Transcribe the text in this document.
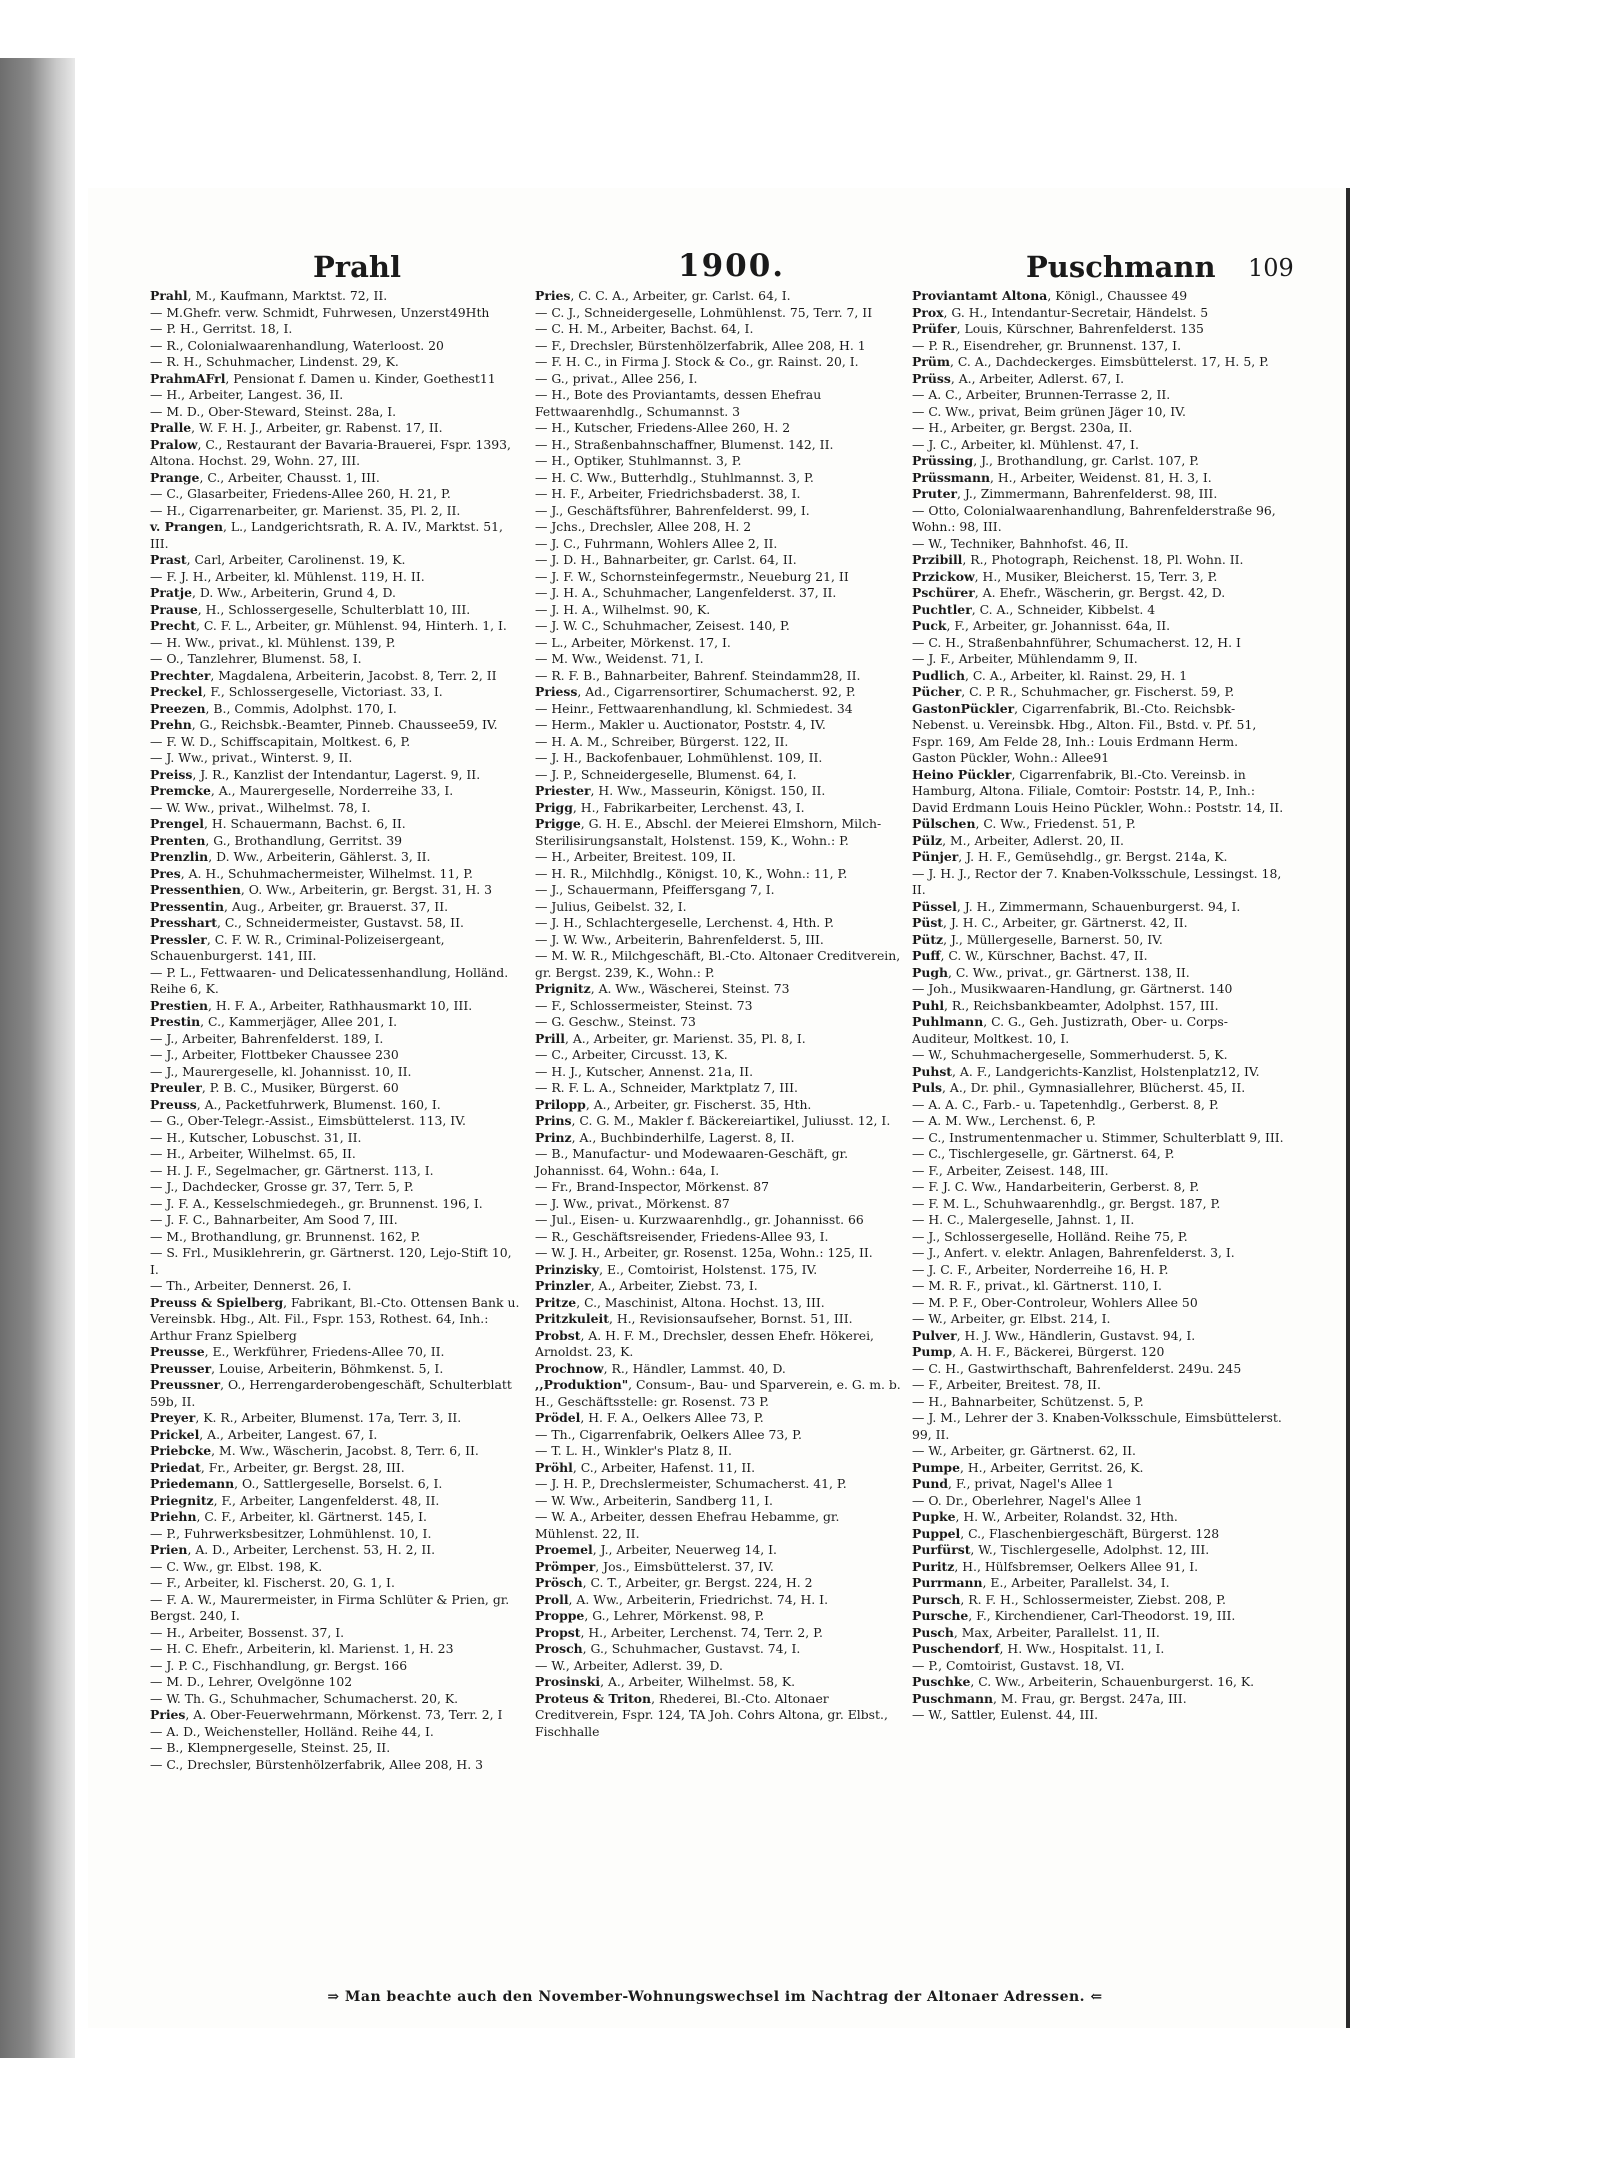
Prahl	1900.	Puschmann 109
Prahl, M., Kaufmann, Marktst. 72, II.
— M.Ghefr. verw. Schmidt, Fuhrwesen, Unzerst49Hth
— P. H., Gerritst. 18, I.
— R., Colonialwaarenhandlung, Waterloost. 20
— R. H., Schuhmacher, Lindenst. 29, K.
PrahmAFrl, Pensionat f. Damen u. Kinder, Goethest11
— H., Arbeiter, Langest. 36, II.
— M. D., Ober-Steward, Steinst. 28a, I.
Pralle, W. F. H. J., Arbeiter, gr. Rabenst. 17, II.
Pralow, C., Restaurant der Bavaria-Brauerei, Fspr. 1393, Altona. Hochst. 29, Wohn. 27, III.
Prange, C., Arbeiter, Chausst. 1, III.
— C., Glasarbeiter, Friedens-Allee 260, H. 21, P.
— H., Cigarrenarbeiter, gr. Marienst. 35, Pl. 2, II.
v. Prangen, L., Landgerichtsrath, R. A. IV., Marktst. 51, III.
Prast, Carl, Arbeiter, Carolinenst. 19, K.
— F. J. H., Arbeiter, kl. Mühlenst. 119, H. II.
Pratje, D. Ww., Arbeiterin, Grund 4, D.
Prause, H., Schlossergeselle, Schulterblatt 10, III.
Precht, C. F. L., Arbeiter, gr. Mühlenst. 94, Hinterh. 1, I.
— H. Ww., privat., kl. Mühlenst. 139, P.
— O., Tanzlehrer, Blumenst. 58, I.
Prechter, Magdalena, Arbeiterin, Jacobst. 8, Terr. 2, II
Preckel, F., Schlossergeselle, Victoriast. 33, I.
Preezen, B., Commis, Adolphst. 170, I.
Prehn, G., Reichsbk.-Beamter, Pinneb. Chaussee59, IV.
— F. W. D., Schiffscapitain, Moltkest. 6, P.
— J. Ww., privat., Winterst. 9, II.
Preiss, J. R., Kanzlist der Intendantur, Lagerst. 9, II.
Premcke, A., Maurergeselle, Norderreihe 33, I.
— W. Ww., privat., Wilhelmst. 78, I.
Prengel, H. Schauermann, Bachst. 6, II.
Prenten, G., Brothandlung, Gerritst. 39
Prenzlin, D. Ww., Arbeiterin, Gählerst. 3, II.
Pres, A. H., Schuhmachermeister, Wilhelmst. 11, P.
Pressenthien, O. Ww., Arbeiterin, gr. Bergst. 31, H. 3
Pressentin, Aug., Arbeiter, gr. Brauerst. 37, II.
Presshart, C., Schneidermeister, Gustavst. 58, II.
Pressler, C. F. W. R., Criminal-Polizeisergeant, Schauenburgerst. 141, III.
— P. L., Fettwaaren- und Delicatessenhandlung, Holländ. Reihe 6, K.
Prestien, H. F. A., Arbeiter, Rathhausmarkt 10, III.
Prestin, C., Kammerjäger, Allee 201, I.
— J., Arbeiter, Bahrenfelderst. 189, I.
— J., Arbeiter, Flottbeker Chaussee 230
— J., Maurergeselle, kl. Johannisst. 10, II.
Preuler, P. B. C., Musiker, Bürgerst. 60
Preuss, A., Packetfuhrwerk, Blumenst. 160, I.
— G., Ober-Telegr.-Assist., Eimsbüttelerst. 113, IV.
— H., Kutscher, Lobuschst. 31, II.
— H., Arbeiter, Wilhelmst. 65, II.
— H. J. F., Segelmacher, gr. Gärtnerst. 113, I.
— J., Dachdecker, Grosse gr. 37, Terr. 5, P.
— J. F. A., Kesselschmiedegeh., gr. Brunnenst. 196, I.
— J. F. C., Bahnarbeiter, Am Sood 7, III.
— M., Brothandlung, gr. Brunnenst. 162, P.
— S. Frl., Musiklehrerin, gr. Gärtnerst. 120, Lejo-Stift 10, I.
— Th., Arbeiter, Dennerst. 26, I.
Preuss & Spielberg, Fabrikant, Bl.-Cto. Ottensen Bank u. Vereinsbk. Hbg., Alt. Fil., Fspr. 153, Rothest. 64, Inh.: Arthur Franz Spielberg
Preusse, E., Werkführer, Friedens-Allee 70, II.
Preusser, Louise, Arbeiterin, Böhmkenst. 5, I.
Preussner, O., Herrengarderobengeschäft, Schulterblatt 59b, II.
Preyer, K. R., Arbeiter, Blumenst. 17a, Terr. 3, II.
Prickel, A., Arbeiter, Langest. 67, I.
Priebcke, M. Ww., Wäscherin, Jacobst. 8, Terr. 6, II.
Priedat, Fr., Arbeiter, gr. Bergst. 28, III.
Priedemann, O., Sattlergeselle, Borselst. 6, I.
Priegnitz, F., Arbeiter, Langenfelderst. 48, II.
Priehn, C. F., Arbeiter, kl. Gärtnerst. 145, I.
— P., Fuhrwerksbesitzer, Lohmühlenst. 10, I.
Prien, A. D., Arbeiter, Lerchenst. 53, H. 2, II.
— C. Ww., gr. Elbst. 198, K.
— F., Arbeiter, kl. Fischerst. 20, G. 1, I.
— F. A. W., Maurermeister, in Firma Schlüter & Prien, gr. Bergst. 240, I.
— H., Arbeiter, Bossenst. 37, I.
— H. C. Ehefr., Arbeiterin, kl. Marienst. 1, H. 23
— J. P. C., Fischhandlung, gr. Bergst. 166
— M. D., Lehrer, Ovelgönne 102
— W. Th. G., Schuhmacher, Schumacherst. 20, K.
Pries, A. Ober-Feuerwehrmann, Mörkenst. 73, Terr. 2, I
— A. D., Weichensteller, Holländ. Reihe 44, I.
— B., Klempnergeselle, Steinst. 25, II.
— C., Drechsler, Bürstenhölzerfabrik, Allee 208, H. 3
Pries, C. C. A., Arbeiter, gr. Carlst. 64, I.
— C. J., Schneidergeselle, Lohmühlenst. 75, Terr. 7, II
— C. H. M., Arbeiter, Bachst. 64, I.
— F., Drechsler, Bürstenhölzerfabrik, Allee 208, H. 1
— F. H. C., in Firma J. Stock & Co., gr. Rainst. 20, I.
— G., privat., Allee 256, I.
— H., Bote des Proviantamts, dessen Ehefrau Fettwaarenhdlg., Schumannst. 3
— H., Kutscher, Friedens-Allee 260, H. 2
— H., Straßenbahnschaffner, Blumenst. 142, II.
— H., Optiker, Stuhlmannst. 3, P.
— H. C. Ww., Butterhdlg., Stuhlmannst. 3, P.
— H. F., Arbeiter, Friedrichsbaderst. 38, I.
— J., Geschäftsführer, Bahrenfelderst. 99, I.
— Jchs., Drechsler, Allee 208, H. 2
— J. C., Fuhrmann, Wohlers Allee 2, II.
— J. D. H., Bahnarbeiter, gr. Carlst. 64, II.
— J. F. W., Schornsteinfegermstr., Neueburg 21, II
— J. H. A., Schuhmacher, Langenfelderst. 37, II.
— J. H. A., Wilhelmst. 90, K.
— J. W. C., Schuhmacher, Zeisest. 140, P.
— L., Arbeiter, Mörkenst. 17, I.
— M. Ww., Weidenst. 71, I.
— R. F. B., Bahnarbeiter, Bahrenf. Steindamm28, II.
Priess, Ad., Cigarrensortirer, Schumacherst. 92, P.
— Heinr., Fettwaarenhandlung, kl. Schmiedest. 34
— Herm., Makler u. Auctionator, Poststr. 4, IV.
— H. A. M., Schreiber, Bürgerst. 122, II.
— J. H., Backofenbauer, Lohmühlenst. 109, II.
— J. P., Schneidergeselle, Blumenst. 64, I.
Priester, H. Ww., Masseurin, Königst. 150, II.
Prigg, H., Fabrikarbeiter, Lerchenst. 43, I.
Prigge, G. H. E., Abschl. der Meierei Elmshorn, Milch-Sterilisirungsanstalt, Holstenst. 159, K., Wohn.: P.
— H., Arbeiter, Breitest. 109, II.
— H. R., Milchhdlg., Königst. 10, K., Wohn.: 11, P.
— J., Schauermann, Pfeiffersgang 7, I.
— Julius, Geibelst. 32, I.
— J. H., Schlachtergeselle, Lerchenst. 4, Hth. P.
— J. W. Ww., Arbeiterin, Bahrenfelderst. 5, III.
— M. W. R., Milchgeschäft, Bl.-Cto. Altonaer Creditverein, gr. Bergst. 239, K., Wohn.: P.
Prignitz, A. Ww., Wäscherei, Steinst. 73
— F., Schlossermeister, Steinst. 73
— G. Geschw., Steinst. 73
Prill, A., Arbeiter, gr. Marienst. 35, Pl. 8, I.
— C., Arbeiter, Circusst. 13, K.
— H. J., Kutscher, Annenst. 21a, II.
— R. F. L. A., Schneider, Marktplatz 7, III.
Prilopp, A., Arbeiter, gr. Fischerst. 35, Hth.
Prins, C. G. M., Makler f. Bäckereiartikel, Juliusst. 12, I.
Prinz, A., Buchbinderhilfe, Lagerst. 8, II.
— B., Manufactur- und Modewaaren-Geschäft, gr. Johannisst. 64, Wohn.: 64a, I.
— Fr., Brand-Inspector, Mörkenst. 87
— J. Ww., privat., Mörkenst. 87
— Jul., Eisen- u. Kurzwaarenhdlg., gr. Johannisst. 66
— R., Geschäftsreisender, Friedens-Allee 93, I.
— W. J. H., Arbeiter, gr. Rosenst. 125a, Wohn.: 125, II.
Prinzisky, E., Comtoirist, Holstenst. 175, IV.
Prinzler, A., Arbeiter, Ziebst. 73, I.
Pritze, C., Maschinist, Altona. Hochst. 13, III.
Pritzkuleit, H., Revisionsaufseher, Bornst. 51, III.
Probst, A. H. F. M., Drechsler, dessen Ehefr. Hökerei, Arnoldst. 23, K.
Prochnow, R., Händler, Lammst. 40, D.
,,Produktion", Consum-, Bau- und Sparverein, e. G. m. b. H., Geschäftsstelle: gr. Rosenst. 73 P.
Prödel, H. F. A., Oelkers Allee 73, P.
— Th., Cigarrenfabrik, Oelkers Allee 73, P.
— T. L. H., Winkler's Platz 8, II.
Pröhl, C., Arbeiter, Hafenst. 11, II.
— J. H. P., Drechslermeister, Schumacherst. 41, P.
— W. Ww., Arbeiterin, Sandberg 11, I.
— W. A., Arbeiter, dessen Ehefrau Hebamme, gr. Mühlenst. 22, II.
Proemel, J., Arbeiter, Neuerweg 14, I.
Prömper, Jos., Eimsbüttelerst. 37, IV.
Prösch, C. T., Arbeiter, gr. Bergst. 224, H. 2
Proll, A. Ww., Arbeiterin, Friedrichst. 74, H. I.
Proppe, G., Lehrer, Mörkenst. 98, P.
Propst, H., Arbeiter, Lerchenst. 74, Terr. 2, P.
Prosch, G., Schuhmacher, Gustavst. 74, I.
— W., Arbeiter, Adlerst. 39, D.
Prosinski, A., Arbeiter, Wilhelmst. 58, K.
Proteus & Triton, Rhederei, Bl.-Cto. Altonaer Creditverein, Fspr. 124, TA Joh. Cohrs Altona, gr. Elbst., Fischhalle
Proviantamt Altona, Königl., Chaussee 49
Prox, G. H., Intendantur-Secretair, Händelst. 5
Prüfer, Louis, Kürschner, Bahrenfelderst. 135
— P. R., Eisendreher, gr. Brunnenst. 137, I.
Prüm, C. A., Dachdeckerges. Eimsbüttelerst. 17, H. 5, P.
Prüss, A., Arbeiter, Adlerst. 67, I.
— A. C., Arbeiter, Brunnen-Terrasse 2, II.
— C. Ww., privat, Beim grünen Jäger 10, IV.
— H., Arbeiter, gr. Bergst. 230a, II.
— J. C., Arbeiter, kl. Mühlenst. 47, I.
Prüssing, J., Brothandlung, gr. Carlst. 107, P.
Prüssmann, H., Arbeiter, Weidenst. 81, H. 3, I.
Pruter, J., Zimmermann, Bahrenfelderst. 98, III.
— Otto, Colonialwaarenhandlung, Bahrenfelderstraße 96, Wohn.: 98, III.
— W., Techniker, Bahnhofst. 46, II.
Przibill, R., Photograph, Reichenst. 18, Pl. Wohn. II.
Przickow, H., Musiker, Bleicherst. 15, Terr. 3, P.
Pschürer, A. Ehefr., Wäscherin, gr. Bergst. 42, D.
Puchtler, C. A., Schneider, Kibbelst. 4
Puck, F., Arbeiter, gr. Johannisst. 64a, II.
— C. H., Straßenbahnführer, Schumacherst. 12, H. I
— J. F., Arbeiter, Mühlendamm 9, II.
Pudlich, C. A., Arbeiter, kl. Rainst. 29, H. 1
Pücher, C. P. R., Schuhmacher, gr. Fischerst. 59, P.
GastonPückler, Cigarrenfabrik, Bl.-Cto. Reichsbk-Nebenst. u. Vereinsbk. Hbg., Alton. Fil., Bstd. v. Pf. 51, Fspr. 169, Am Felde 28, Inh.: Louis Erdmann Herm. Gaston Pückler, Wohn.: Allee91
Heino Pückler, Cigarrenfabrik, Bl.-Cto. Vereinsb. in Hamburg, Altona. Filiale, Comtoir: Poststr. 14, P., Inh.: David Erdmann Louis Heino Pückler, Wohn.: Poststr. 14, II.
Pülschen, C. Ww., Friedenst. 51, P.
Pülz, M., Arbeiter, Adlerst. 20, II.
Pünjer, J. H. F., Gemüsehdlg., gr. Bergst. 214a, K.
— J. H. J., Rector der 7. Knaben-Volksschule, Lessingst. 18, II.
Püssel, J. H., Zimmermann, Schauenburgerst. 94, I.
Püst, J. H. C., Arbeiter, gr. Gärtnerst. 42, II.
Pütz, J., Müllergeselle, Barnerst. 50, IV.
Puff, C. W., Kürschner, Bachst. 47, II.
Pugh, C. Ww., privat., gr. Gärtnerst. 138, II.
— Joh., Musikwaaren-Handlung, gr. Gärtnerst. 140
Puhl, R., Reichsbankbeamter, Adolphst. 157, III.
Puhlmann, C. G., Geh. Justizrath, Ober- u. Corps-Auditeur, Moltkest. 10, I.
— W., Schuhmachergeselle, Sommerhuderst. 5, K.
Puhst, A. F., Landgerichts-Kanzlist, Holstenplatz12, IV.
Puls, A., Dr. phil., Gymnasiallehrer, Blücherst. 45, II.
— A. A. C., Farb.- u. Tapetenhdlg., Gerberst. 8, P.
— A. M. Ww., Lerchenst. 6, P.
— C., Instrumentenmacher u. Stimmer, Schulterblatt 9, III.
— C., Tischlergeselle, gr. Gärtnerst. 64, P.
— F., Arbeiter, Zeisest. 148, III.
— F. J. C. Ww., Handarbeiterin, Gerberst. 8, P.
— F. M. L., Schuhwaarenhdlg., gr. Bergst. 187, P.
— H. C., Malergeselle, Jahnst. 1, II.
— J., Schlossergeselle, Holländ. Reihe 75, P.
— J., Anfert. v. elektr. Anlagen, Bahrenfelderst. 3, I.
— J. C. F., Arbeiter, Norderreihe 16, H. P.
— M. R. F., privat., kl. Gärtnerst. 110, I.
— M. P. F., Ober-Controleur, Wohlers Allee 50
— W., Arbeiter, gr. Elbst. 214, I.
Pulver, H. J. Ww., Händlerin, Gustavst. 94, I.
Pump, A. H. F., Bäckerei, Bürgerst. 120
— C. H., Gastwirthschaft, Bahrenfelderst. 249u. 245
— F., Arbeiter, Breitest. 78, II.
— H., Bahnarbeiter, Schützenst. 5, P.
— J. M., Lehrer der 3. Knaben-Volksschule, Eimsbüttelerst. 99, II.
— W., Arbeiter, gr. Gärtnerst. 62, II.
Pumpe, H., Arbeiter, Gerritst. 26, K.
Pund, F., privat, Nagel's Allee 1
— O. Dr., Oberlehrer, Nagel's Allee 1
Pupke, H. W., Arbeiter, Rolandst. 32, Hth.
Puppel, C., Flaschenbiergeschäft, Bürgerst. 128
Purfürst, W., Tischlergeselle, Adolphst. 12, III.
Puritz, H., Hülfsbremser, Oelkers Allee 91, I.
Purrmann, E., Arbeiter, Parallelst. 34, I.
Pursch, R. F. H., Schlossermeister, Ziebst. 208, P.
Pursche, F., Kirchendiener, Carl-Theodorst. 19, III.
Pusch, Max, Arbeiter, Parallelst. 11, II.
Puschendorf, H. Ww., Hospitalst. 11, I.
— P., Comtoirist, Gustavst. 18, VI.
Puschke, C. Ww., Arbeiterin, Schauenburgerst. 16, K.
Puschmann, M. Frau, gr. Bergst. 247a, III.
— W., Sattler, Eulenst. 44, III.
⇒ Man beachte auch den November-Wohnungswechsel im Nachtrag der Altonaer Adressen. ⇐
